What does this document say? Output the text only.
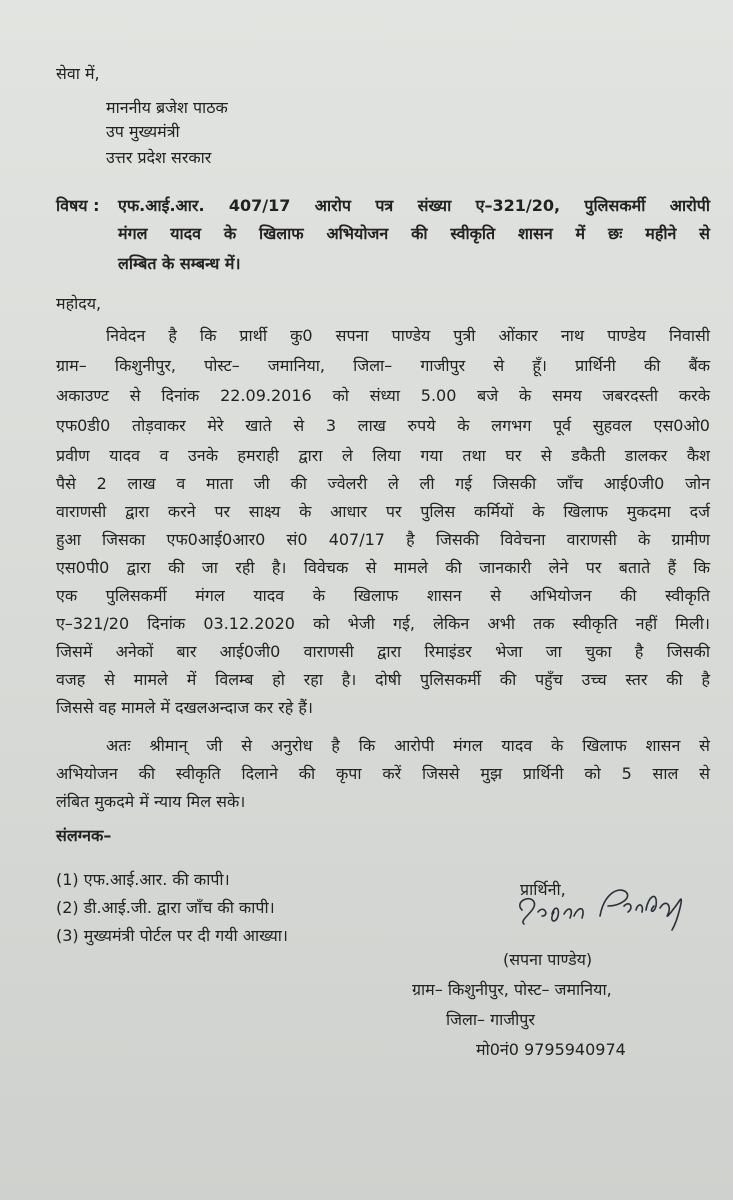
सेवा में,
माननीय ब्रजेश पाठक
उप मुख्यमंत्री
उत्तर प्रदेश सरकार
विषय : एफ.आई.आर. 407/17 आरोप पत्र संख्या ए–321/20, पुलिसकर्मी आरोपी
मंगल यादव के खिलाफ अभियोजन की स्वीकृति शासन में छः महीने से
लम्बित के सम्बन्ध में।
महोदय,
निवेदन है कि प्रार्थी कु0 सपना पाण्डेय पुत्री ओंकार नाथ पाण्डेय निवासी
ग्राम– किशुनीपुर, पोस्ट– जमानिया, जिला– गाजीपुर से हूँ। प्रार्थिनी की बैंक
अकाउण्ट से दिनांक 22.09.2016 को संध्या 5.00 बजे के समय जबरदस्ती करके
एफ0डी0 तोड़वाकर मेरे खाते से 3 लाख रुपये के लगभग पूर्व सुहवल एस0ओ0
प्रवीण यादव व उनके हमराही द्वारा ले लिया गया तथा घर से डकैती डालकर कैश
पैसे 2 लाख व माता जी की ज्वेलरी ले ली गई जिसकी जाँच आई0जी0 जोन
वाराणसी द्वारा करने पर साक्ष्य के आधार पर पुलिस कर्मियों के खिलाफ मुकदमा दर्ज
हुआ जिसका एफ0आई0आर0 सं0 407/17 है जिसकी विवेचना वाराणसी के ग्रामीण
एस0पी0 द्वारा की जा रही है। विवेचक से मामले की जानकारी लेने पर बताते हैं कि
एक पुलिसकर्मी मंगल यादव के खिलाफ शासन से अभियोजन की स्वीकृति
ए–321/20 दिनांक 03.12.2020 को भेजी गई, लेकिन अभी तक स्वीकृति नहीं मिली।
जिसमें अनेकों बार आई0जी0 वाराणसी द्वारा रिमाइंडर भेजा जा चुका है जिसकी
वजह से मामले में विलम्ब हो रहा है। दोषी पुलिसकर्मी की पहुँच उच्च स्तर की है
जिससे वह मामले में दखलअन्दाज कर रहे हैं।
अतः श्रीमान् जी से अनुरोध है कि आरोपी मंगल यादव के खिलाफ शासन से
अभियोजन की स्वीकृति दिलाने की कृपा करें जिससे मुझ प्रार्थिनी को 5 साल से
लंबित मुकदमे में न्याय मिल सके।
संलग्नक–
(1) एफ.आई.आर. की कापी।
(2) डी.आई.जी. द्वारा जाँच की कापी।
(3) मुख्यमंत्री पोर्टल पर दी गयी आख्या।
प्रार्थिनी,
(सपना पाण्डेय)
ग्राम– किशुनीपुर, पोस्ट– जमानिया,
जिला– गाजीपुर
मो0नं0 9795940974
